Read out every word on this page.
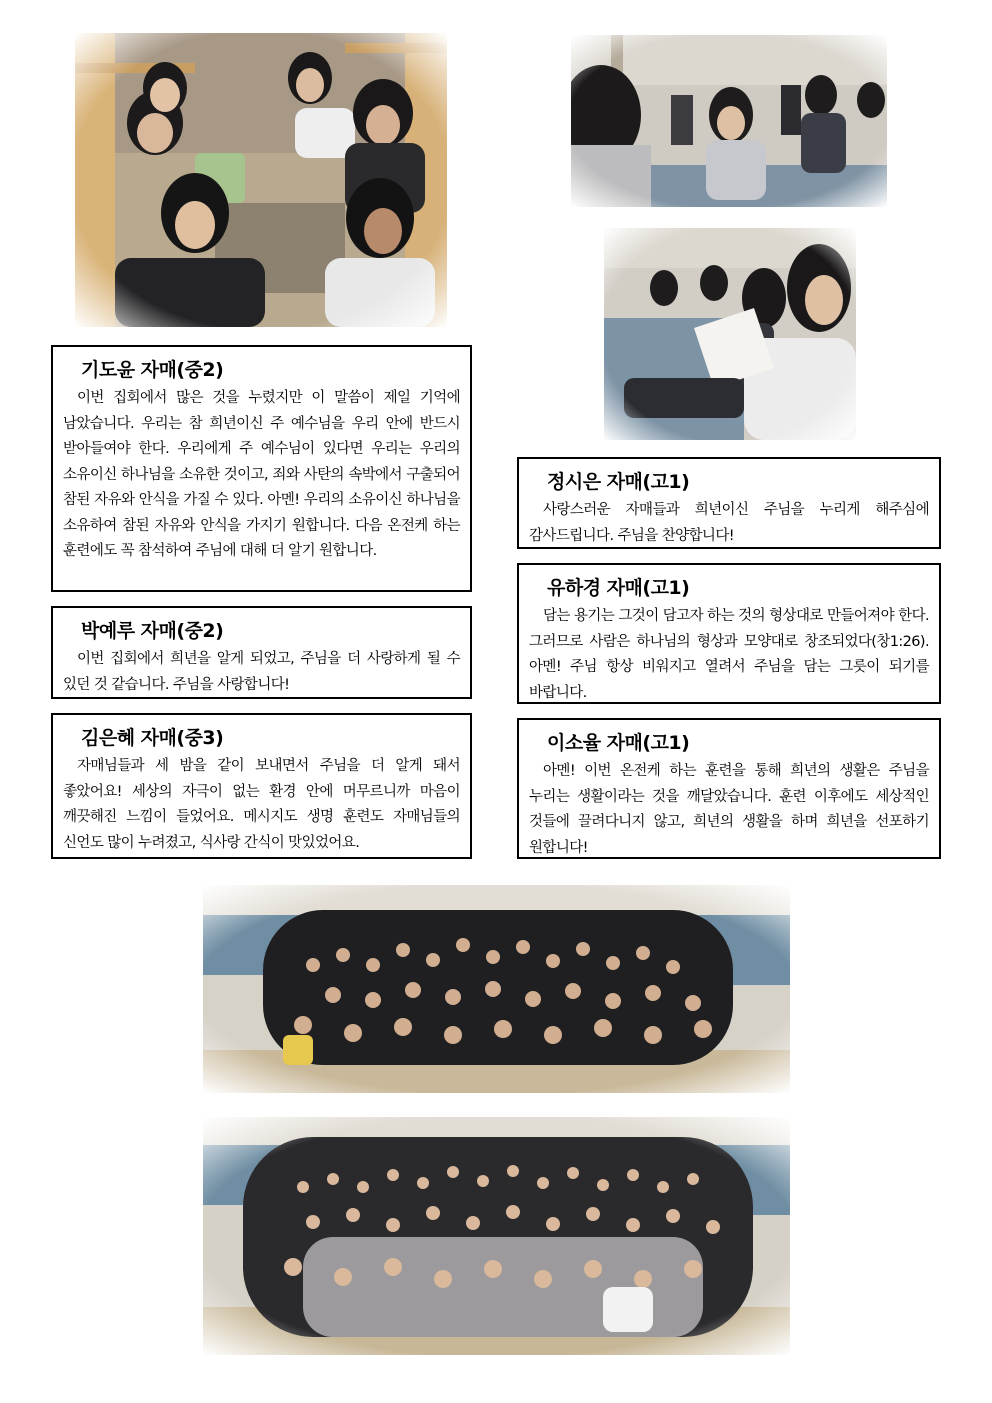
기도윤 자매(중2)

이번 집회에서 많은 것을 누렸지만 이 말씀이 제일 기억에 남았습니다. 우리는 참 희년이신 주 예수님을 우리 안에 반드시 받아들여야 한다. 우리에게 주 예수님이 있다면 우리는 우리의 소유이신 하나님을 소유한 것이고, 죄와 사탄의 속박에서 구출되어 참된 자유와 안식을 가질 수 있다. 아멘! 우리의 소유이신 하나님을 소유하여 참된 자유와 안식을 가지기 원합니다. 다음 온전케 하는 훈련에도 꼭 참석하여 주님에 대해 더 알기 원합니다.

박예루 자매(중2)

이번 집회에서 희년을 알게 되었고, 주님을 더 사랑하게 될 수 있던 것 같습니다. 주님을 사랑합니다!

김은혜 자매(중3)

자매님들과 세 밤을 같이 보내면서 주님을 더 알게 돼서 좋았어요! 세상의 자극이 없는 환경 안에 머무르니까 마음이 깨끗해진 느낌이 들었어요. 메시지도 생명 훈련도 자매님들의 신언도 많이 누려졌고, 식사랑 간식이 맛있었어요.

정시은 자매(고1)

사랑스러운 자매들과 희년이신 주님을 누리게 해주심에 감사드립니다. 주님을 찬양합니다!

유하경 자매(고1)

담는 용기는 그것이 담고자 하는 것의 형상대로 만들어져야 한다. 그러므로 사람은 하나님의 형상과 모양대로 창조되었다(창1:26). 아멘! 주님 항상 비워지고 열려서 주님을 담는 그릇이 되기를 바랍니다.

이소율 자매(고1)

아멘! 이번 온전케 하는 훈련을 통해 희년의 생활은 주님을 누리는 생활이라는 것을 깨달았습니다. 훈련 이후에도 세상적인 것들에 끌려다니지 않고, 희년의 생활을 하며 희년을 선포하기 원합니다!
